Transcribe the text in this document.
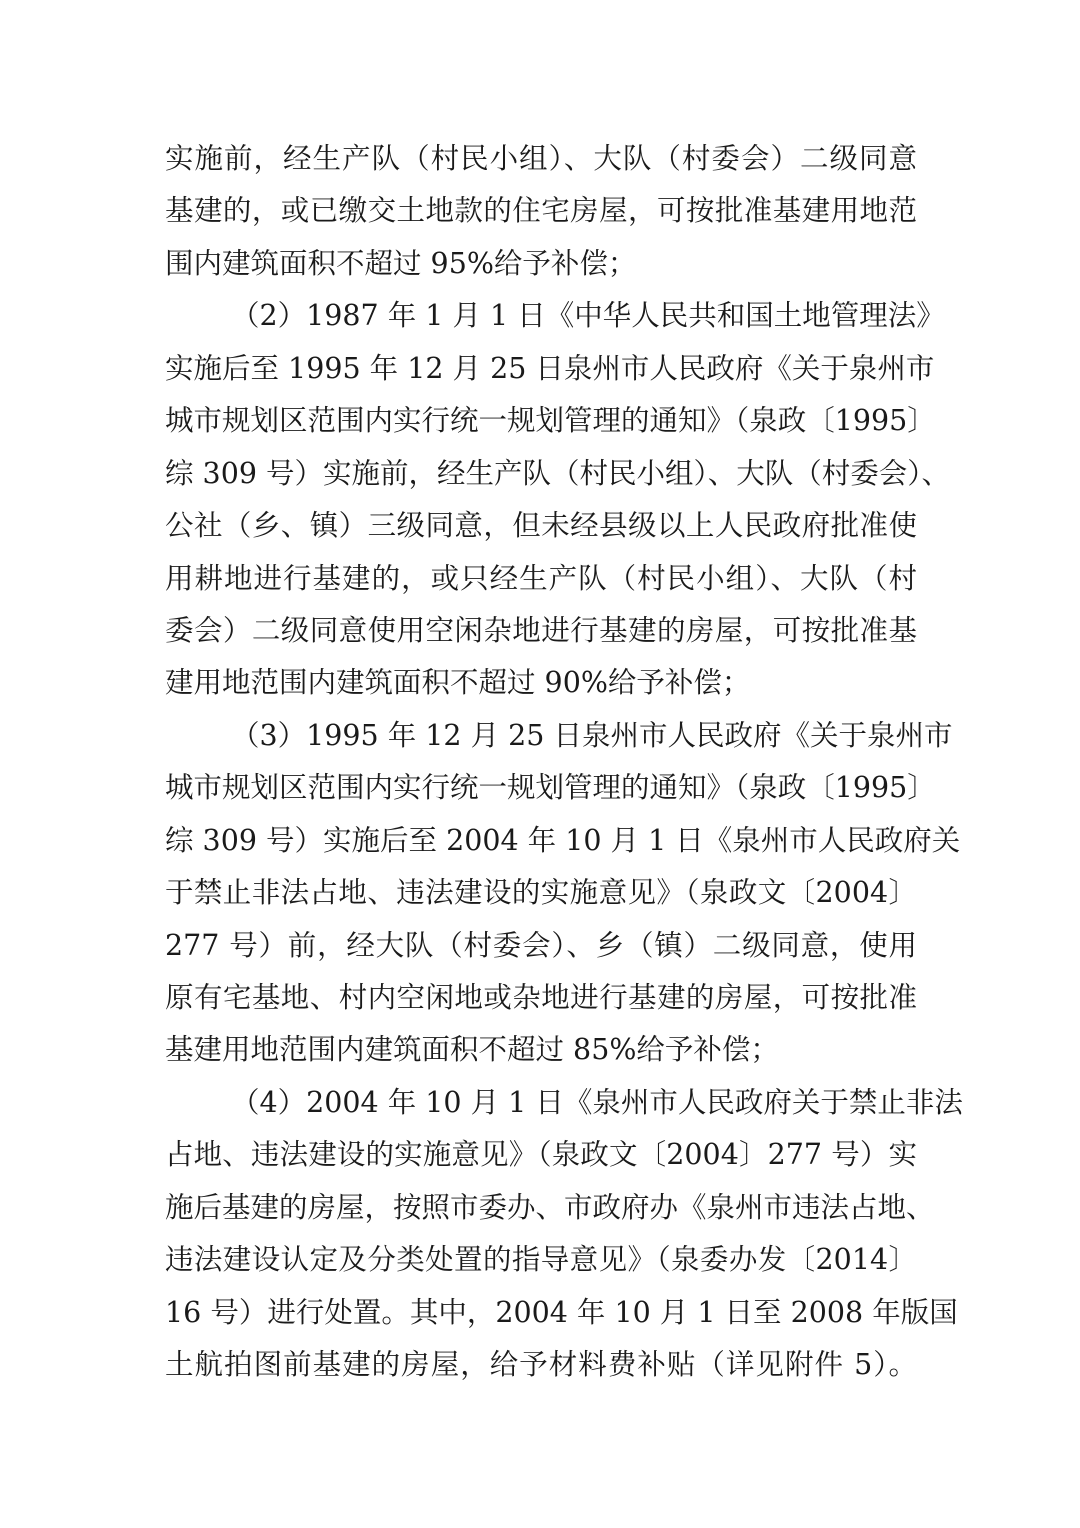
实施前，经生产队（村民小组）、大队（村委会）二级同意
基建的，或已缴交土地款的住宅房屋，可按批准基建用地范
围内建筑面积不超过 95%给予补偿；
（2）1987 年 1 月 1 日《中华人民共和国土地管理法》
实施后至 1995 年 12 月 25 日泉州市人民政府《关于泉州市
城市规划区范围内实行统一规划管理的通知》（泉政〔1995〕
综 309 号）实施前，经生产队（村民小组）、大队（村委会）、
公社（乡、镇）三级同意，但未经县级以上人民政府批准使
用耕地进行基建的，或只经生产队（村民小组）、大队（村
委会）二级同意使用空闲杂地进行基建的房屋，可按批准基
建用地范围内建筑面积不超过 90%给予补偿；
（3）1995 年 12 月 25 日泉州市人民政府《关于泉州市
城市规划区范围内实行统一规划管理的通知》（泉政〔1995〕
综 309 号）实施后至 2004 年 10 月 1 日《泉州市人民政府关
于禁止非法占地、违法建设的实施意见》（泉政文〔2004〕
277 号）前，经大队（村委会）、乡（镇）二级同意，使用
原有宅基地、村内空闲地或杂地进行基建的房屋，可按批准
基建用地范围内建筑面积不超过 85%给予补偿；
（4）2004 年 10 月 1 日《泉州市人民政府关于禁止非法
占地、违法建设的实施意见》（泉政文〔2004〕277 号）实
施后基建的房屋，按照市委办、市政府办《泉州市违法占地、
违法建设认定及分类处置的指导意见》（泉委办发〔2014〕
16 号）进行处置。其中，2004 年 10 月 1 日至 2008 年版国
土航拍图前基建的房屋，给予材料费补贴（详见附件 5）。
